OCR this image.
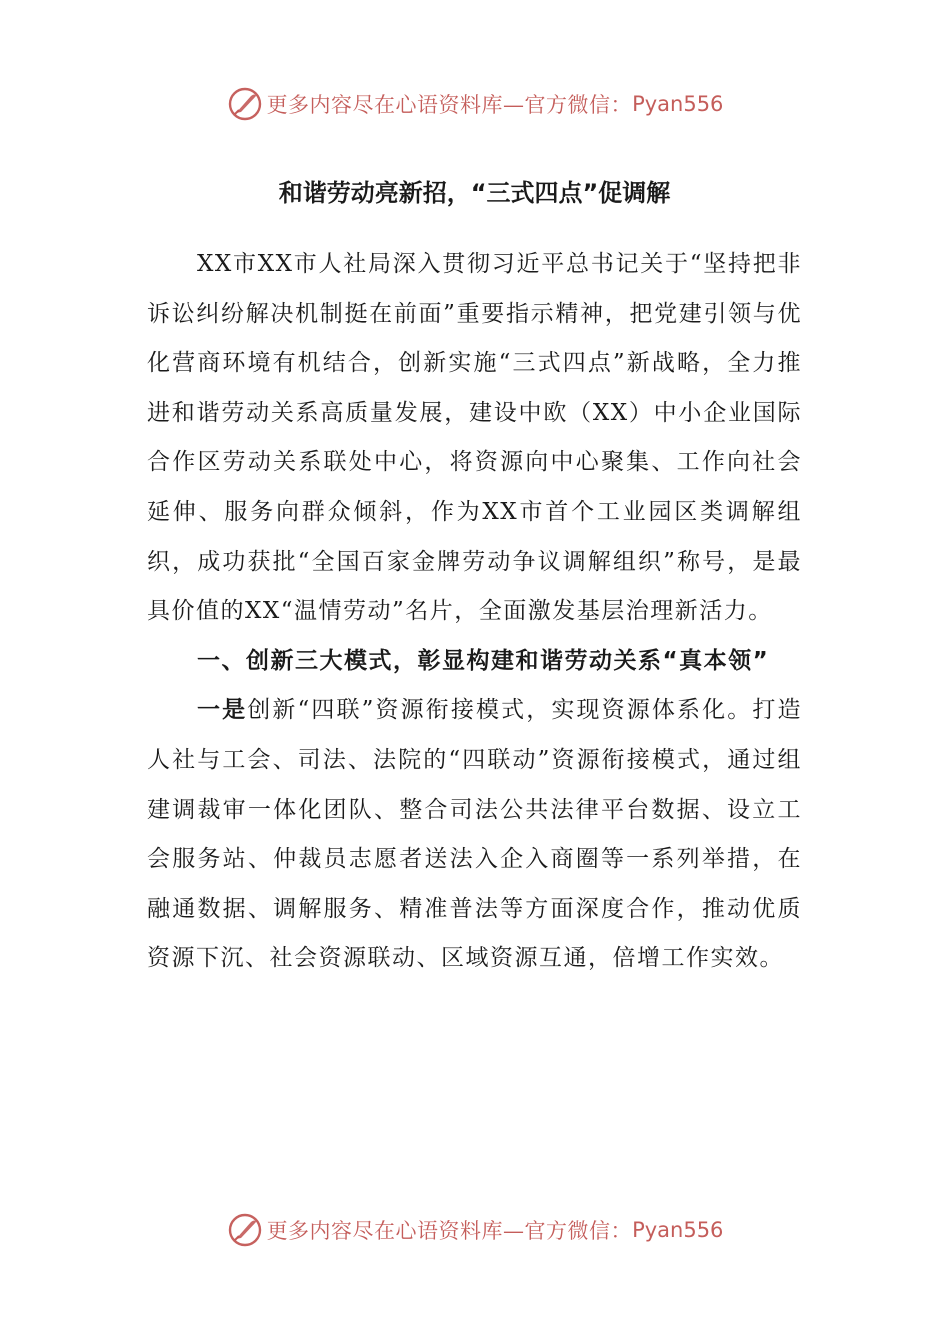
更多内容尽在心语资料库—官方微信： Pyan556
和谐劳动亮新招，“三式四点”促调解

XX市XX市人社局深入贯彻习近平总书记关于“坚持把非诉讼纠纷解决机制挺在前面”重要指示精神，把党建引领与优化营商环境有机结合，创新实施“三式四点”新战略，全力推进和谐劳动关系高质量发展，建设中欧（XX）中小企业国际合作区劳动关系联处中心，将资源向中心聚集、工作向社会延伸、服务向群众倾斜，作为XX市首个工业园区类调解组织，成功获批“全国百家金牌劳动争议调解组织”称号，是最具价值的XX“温情劳动”名片，全面激发基层治理新活力。

一、创新三大模式，彰显构建和谐劳动关系“真本领”

一是创新“四联”资源衔接模式，实现资源体系化。打造人社与工会、司法、法院的“四联动”资源衔接模式，通过组建调裁审一体化团队、整合司法公共法律平台数据、设立工会服务站、仲裁员志愿者送法入企入商圈等一系列举措，在融通数据、调解服务、精准普法等方面深度合作，推动优质资源下沉、社会资源联动、区域资源互通，倍增工作实效。

更多内容尽在心语资料库—官方微信： Pyan556
